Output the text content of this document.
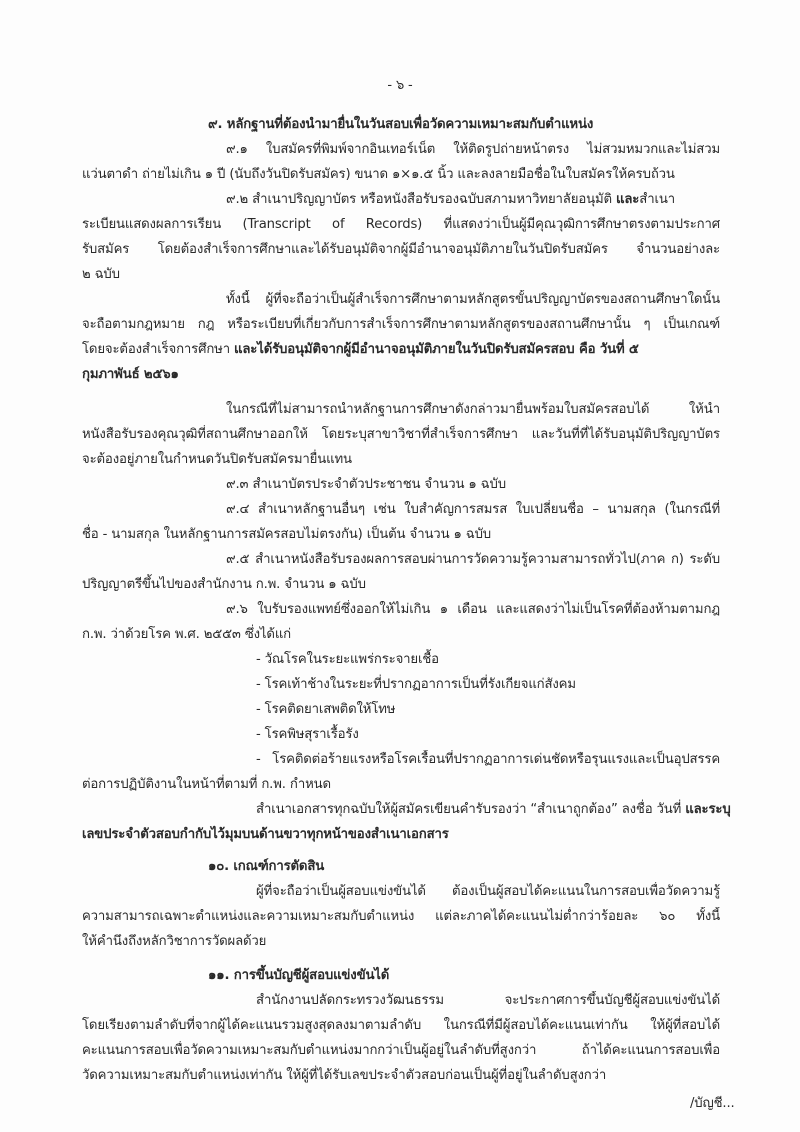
- ๖ -
๙. หลักฐานที่ต้องนำมายื่นในวันสอบเพื่อวัดความเหมาะสมกับตำแหน่ง
๙.๑ ใบสมัครที่พิมพ์จากอินเทอร์เน็ต ให้ติดรูปถ่ายหน้าตรง ไม่สวมหมวกและไม่สวม
แว่นตาดำ ถ่ายไม่เกิน ๑ ปี (นับถึงวันปิดรับสมัคร) ขนาด ๑×๑.๕ นิ้ว และลงลายมือชื่อในใบสมัครให้ครบถ้วน
๙.๒ สำเนาปริญญาบัตร หรือหนังสือรับรองฉบับสภามหาวิทยาลัยอนุมัติ และสำเนา
ระเบียนแสดงผลการเรียน (Transcript of Records) ที่แสดงว่าเป็นผู้มีคุณวุฒิการศึกษาตรงตามประกาศ
รับสมัคร โดยต้องสำเร็จการศึกษาและได้รับอนุมัติจากผู้มีอำนาจอนุมัติภายในวันปิดรับสมัคร จำนวนอย่างละ
๒ ฉบับ
ทั้งนี้ ผู้ที่จะถือว่าเป็นผู้สำเร็จการศึกษาตามหลักสูตรขั้นปริญญาบัตรของสถานศึกษาใดนั้น
จะถือตามกฎหมาย กฎ หรือระเบียบที่เกี่ยวกับการสำเร็จการศึกษาตามหลักสูตรของสถานศึกษานั้น ๆ เป็นเกณฑ์
โดยจะต้องสำเร็จการศึกษา และได้รับอนุมัติจากผู้มีอำนาจอนุมัติภายในวันปิดรับสมัครสอบ คือ วันที่ ๕
กุมภาพันธ์ ๒๕๖๑
ในกรณีที่ไม่สามารถนำหลักฐานการศึกษาดังกล่าวมายื่นพร้อมใบสมัครสอบได้ ให้นำ
หนังสือรับรองคุณวุฒิที่สถานศึกษาออกให้ โดยระบุสาขาวิชาที่สำเร็จการศึกษา และวันที่ที่ได้รับอนุมัติปริญญาบัตร
จะต้องอยู่ภายในกำหนดวันปิดรับสมัครมายื่นแทน
๙.๓ สำเนาบัตรประจำตัวประชาชน จำนวน ๑ ฉบับ
๙.๔ สำเนาหลักฐานอื่นๆ เช่น ใบสำคัญการสมรส ใบเปลี่ยนชื่อ – นามสกุล (ในกรณีที่
ชื่อ - นามสกุล ในหลักฐานการสมัครสอบไม่ตรงกัน) เป็นต้น จำนวน ๑ ฉบับ
๙.๕ สำเนาหนังสือรับรองผลการสอบผ่านการวัดความรู้ความสามารถทั่วไป(ภาค ก) ระดับ
ปริญญาตรีขึ้นไปของสำนักงาน ก.พ. จำนวน ๑ ฉบับ
๙.๖ ใบรับรองแพทย์ซึ่งออกให้ไม่เกิน ๑ เดือน และแสดงว่าไม่เป็นโรคที่ต้องห้ามตามกฎ
ก.พ. ว่าด้วยโรค พ.ศ. ๒๕๕๓ ซึ่งได้แก่
- วัณโรคในระยะแพร่กระจายเชื้อ
- โรคเท้าช้างในระยะที่ปรากฏอาการเป็นที่รังเกียจแก่สังคม
- โรคติดยาเสพติดให้โทษ
- โรคพิษสุราเรื้อรัง
- โรคติดต่อร้ายแรงหรือโรคเรื้อนที่ปรากฏอาการเด่นชัดหรือรุนแรงและเป็นอุปสรรค
ต่อการปฏิบัติงานในหน้าที่ตามที่ ก.พ. กำหนด
สำเนาเอกสารทุกฉบับให้ผู้สมัครเขียนคำรับรองว่า “สำเนาถูกต้อง” ลงชื่อ วันที่ และระบุ
เลขประจำตัวสอบกำกับไว้มุมบนด้านขวาทุกหน้าของสำเนาเอกสาร
๑๐. เกณฑ์การตัดสิน
ผู้ที่จะถือว่าเป็นผู้สอบแข่งขันได้ ต้องเป็นผู้สอบได้คะแนนในการสอบเพื่อวัดความรู้
ความสามารถเฉพาะตำแหน่งและความเหมาะสมกับตำแหน่ง แต่ละภาคได้คะแนนไม่ต่ำกว่าร้อยละ ๖๐ ทั้งนี้
ให้คำนึงถึงหลักวิชาการวัดผลด้วย
๑๑. การขึ้นบัญชีผู้สอบแข่งขันได้
สำนักงานปลัดกระทรวงวัฒนธรรม จะประกาศการขึ้นบัญชีผู้สอบแข่งขันได้
โดยเรียงตามลำดับที่จากผู้ได้คะแนนรวมสูงสุดลงมาตามลำดับ ในกรณีที่มีผู้สอบได้คะแนนเท่ากัน ให้ผู้ที่สอบได้
คะแนนการสอบเพื่อวัดความเหมาะสมกับตำแหน่งมากกว่าเป็นผู้อยู่ในลำดับที่สูงกว่า ถ้าได้คะแนนการสอบเพื่อ
วัดความเหมาะสมกับตำแหน่งเท่ากัน ให้ผู้ที่ได้รับเลขประจำตัวสอบก่อนเป็นผู้ที่อยู่ในลำดับสูงกว่า
/บัญชี...
